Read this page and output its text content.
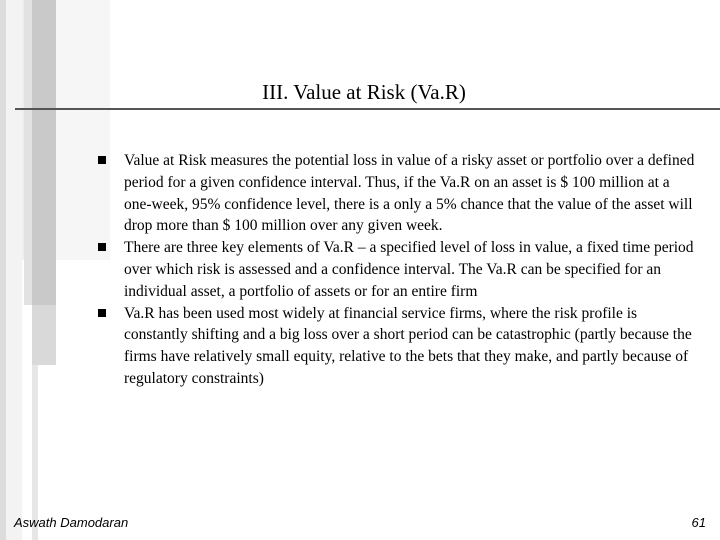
III. Value at Risk (Va.R)
Value at Risk measures the potential loss in value of a risky asset or portfolio over a defined period for a given confidence interval. Thus, if the Va.R on an asset is $ 100 million at a one-week, 95% confidence level, there is a only a 5% chance that the value of the asset will drop more than $ 100 million over any given week.
There are three key elements of Va.R – a specified level of loss in value, a fixed time period over which risk is assessed and a confidence interval. The Va.R can be specified for an individual asset, a portfolio of assets or for an entire firm
Va.R has been used most widely at financial service firms, where the risk profile is constantly shifting and a big loss over a short period can be catastrophic (partly because the firms have relatively small equity, relative to the bets that they make, and partly because of regulatory constraints)
Aswath Damodaran	61
